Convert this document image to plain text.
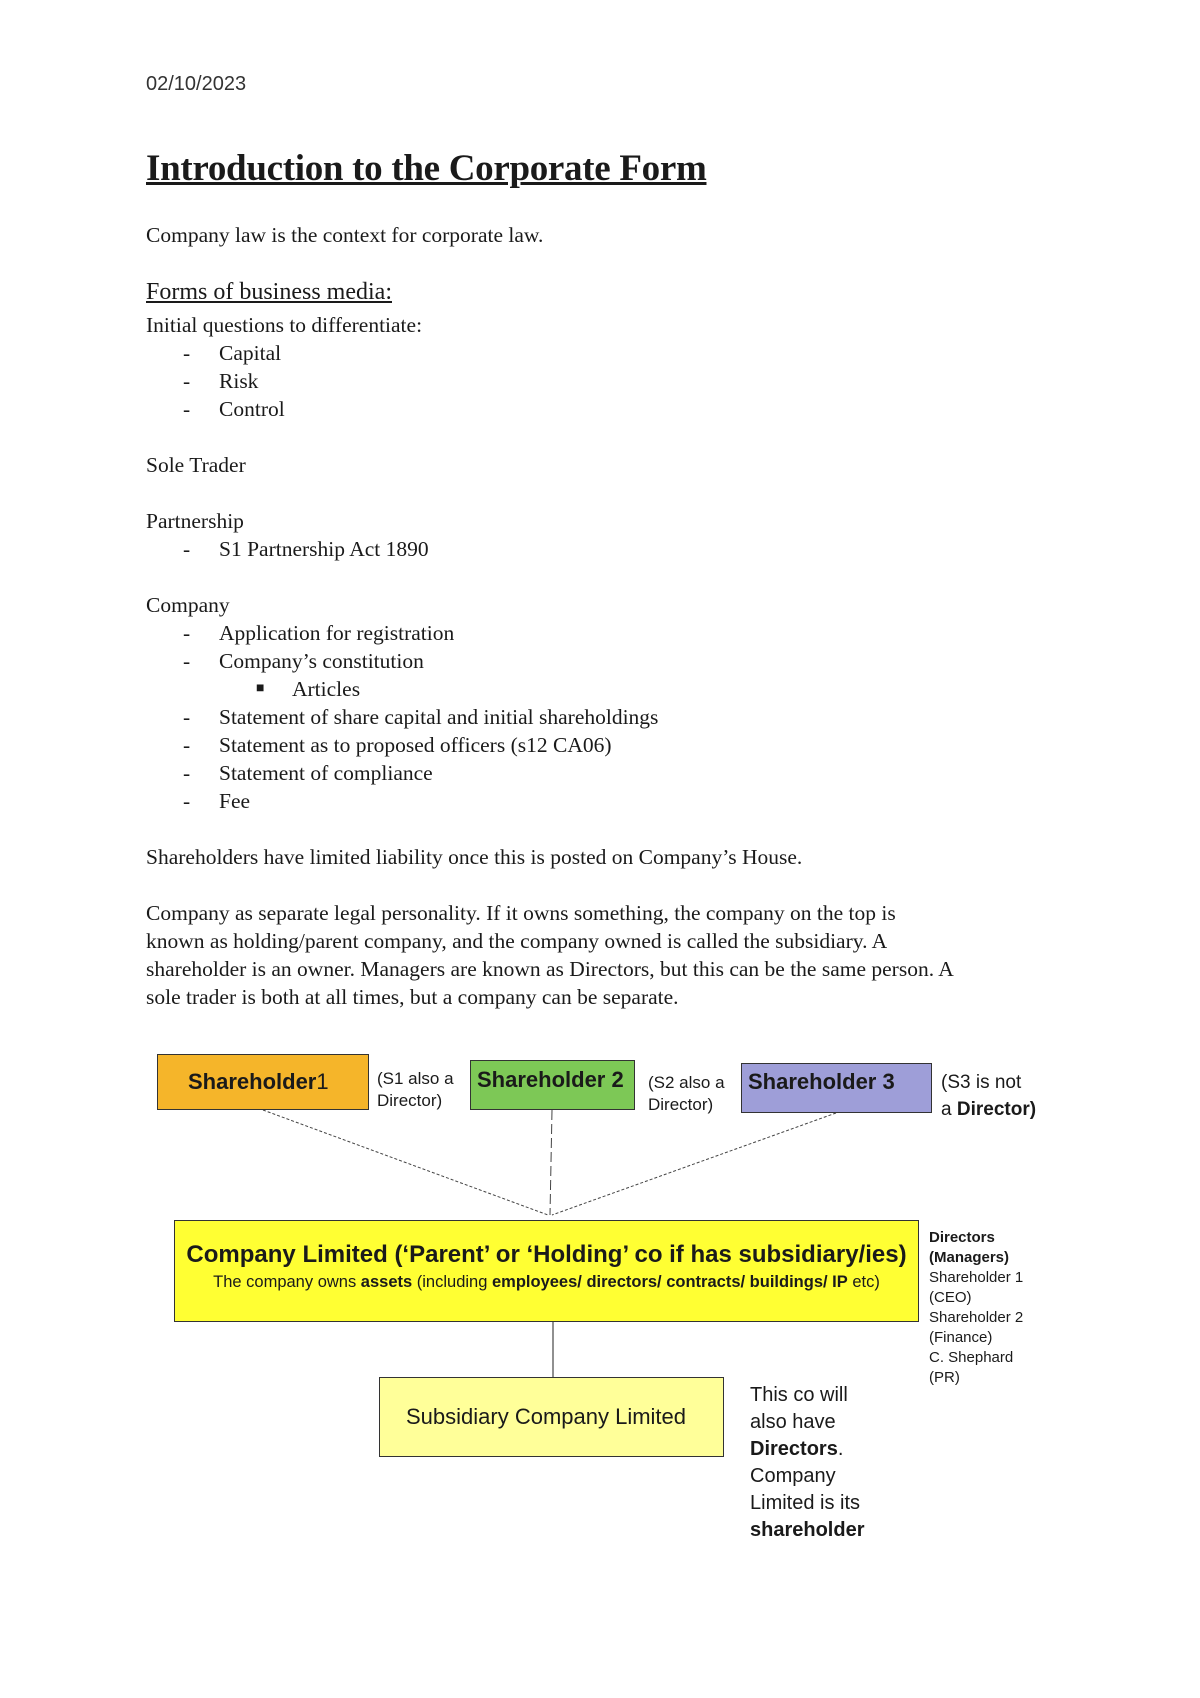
02/10/2023
Introduction to the Corporate Form
Company law is the context for corporate law.
Forms of business media:
Initial questions to differentiate:
- Capital
- Risk
- Control
Sole Trader
Partnership
- S1 Partnership Act 1890
Company
- Application for registration
- Company’s constitution
■ Articles
- Statement of share capital and initial shareholdings
- Statement as to proposed officers (s12 CA06)
- Statement of compliance
- Fee
Shareholders have limited liability once this is posted on Company’s House.
Company as separate legal personality. If it owns something, the company on the top is
known as holding/parent company, and the company owned is called the subsidiary. A
shareholder is an owner. Managers are known as Directors, but this can be the same person. A
sole trader is both at all times, but a company can be separate.
Shareholder 1	(S1 also a
Director)
Shareholder 2 (S2 also a
Director)
Shareholder 3 (S3 is not
a Director)
Company Limited (‘Parent’ or ‘Holding’ co if has subsidiary/ies)
The company owns assets (including employees/ directors/ contracts/ buildings/ IP etc)
Directors
(Managers)
Shareholder 1
(CEO)
Shareholder 2
(Finance)
C. Shephard
(PR)
Subsidiary Company Limited
This co will
also have
Directors.
Company
Limited is its
shareholder
